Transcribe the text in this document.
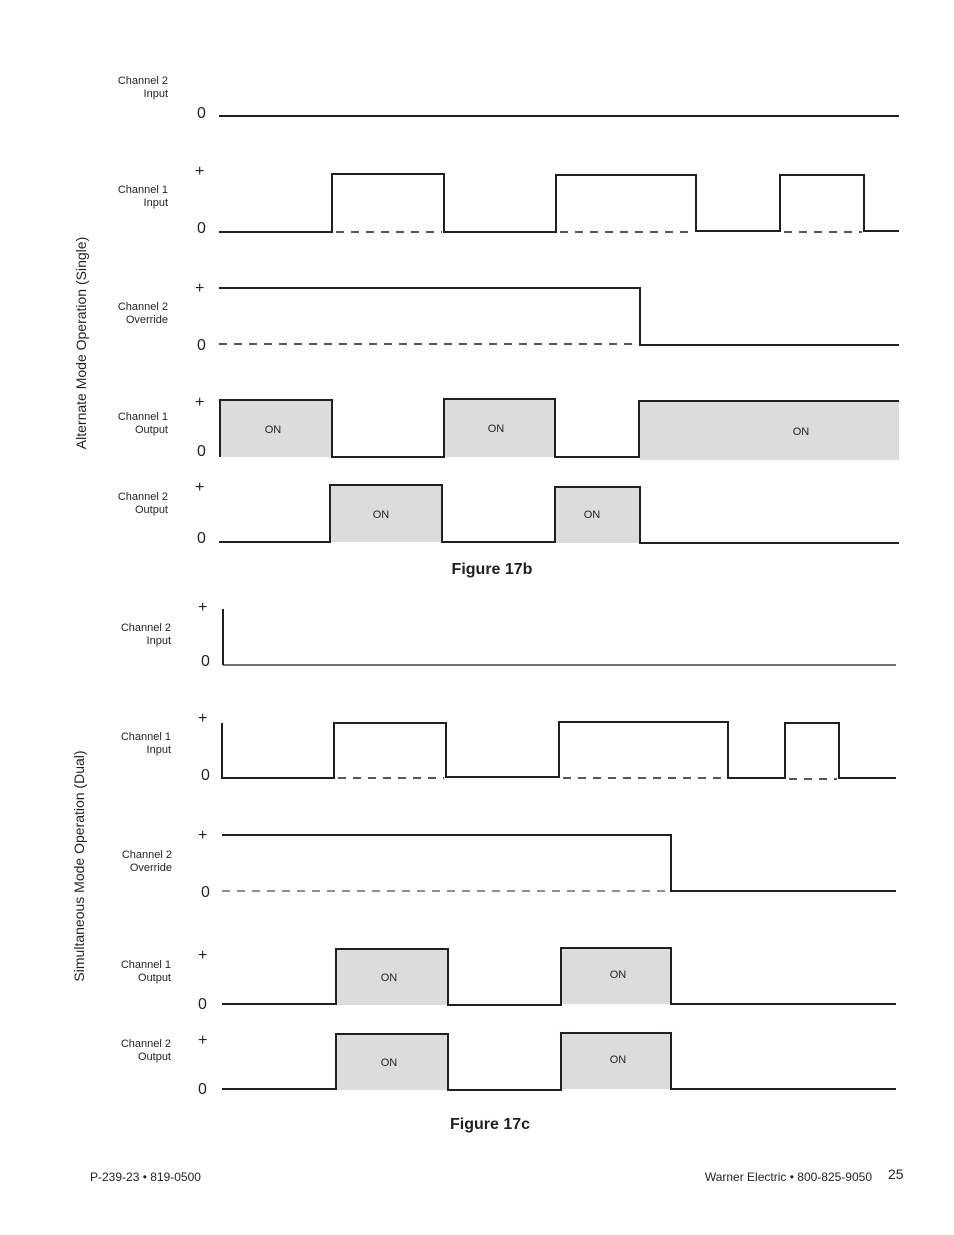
Alternate Mode Operation (Single)
Channel 2
Input
0
Channel 1
Input
+
0
Channel 2
Override
+
0
Channel 1
Output
+
0
ON	ON	ON
Channel 2
Output
+
0
ON	ON
Figure 17b
Simultaneous Mode Operation (Dual)
Channel 2
Input
+
0
Channel 1
Input
+
0
Channel 2
Override
+
0
Channel 1
Output
+
0
ON	ON
Channel 2
Output
+
0
ON	ON
Figure 17c
P-239-23 • 819-0500	Warner Electric • 800-825-9050 25
